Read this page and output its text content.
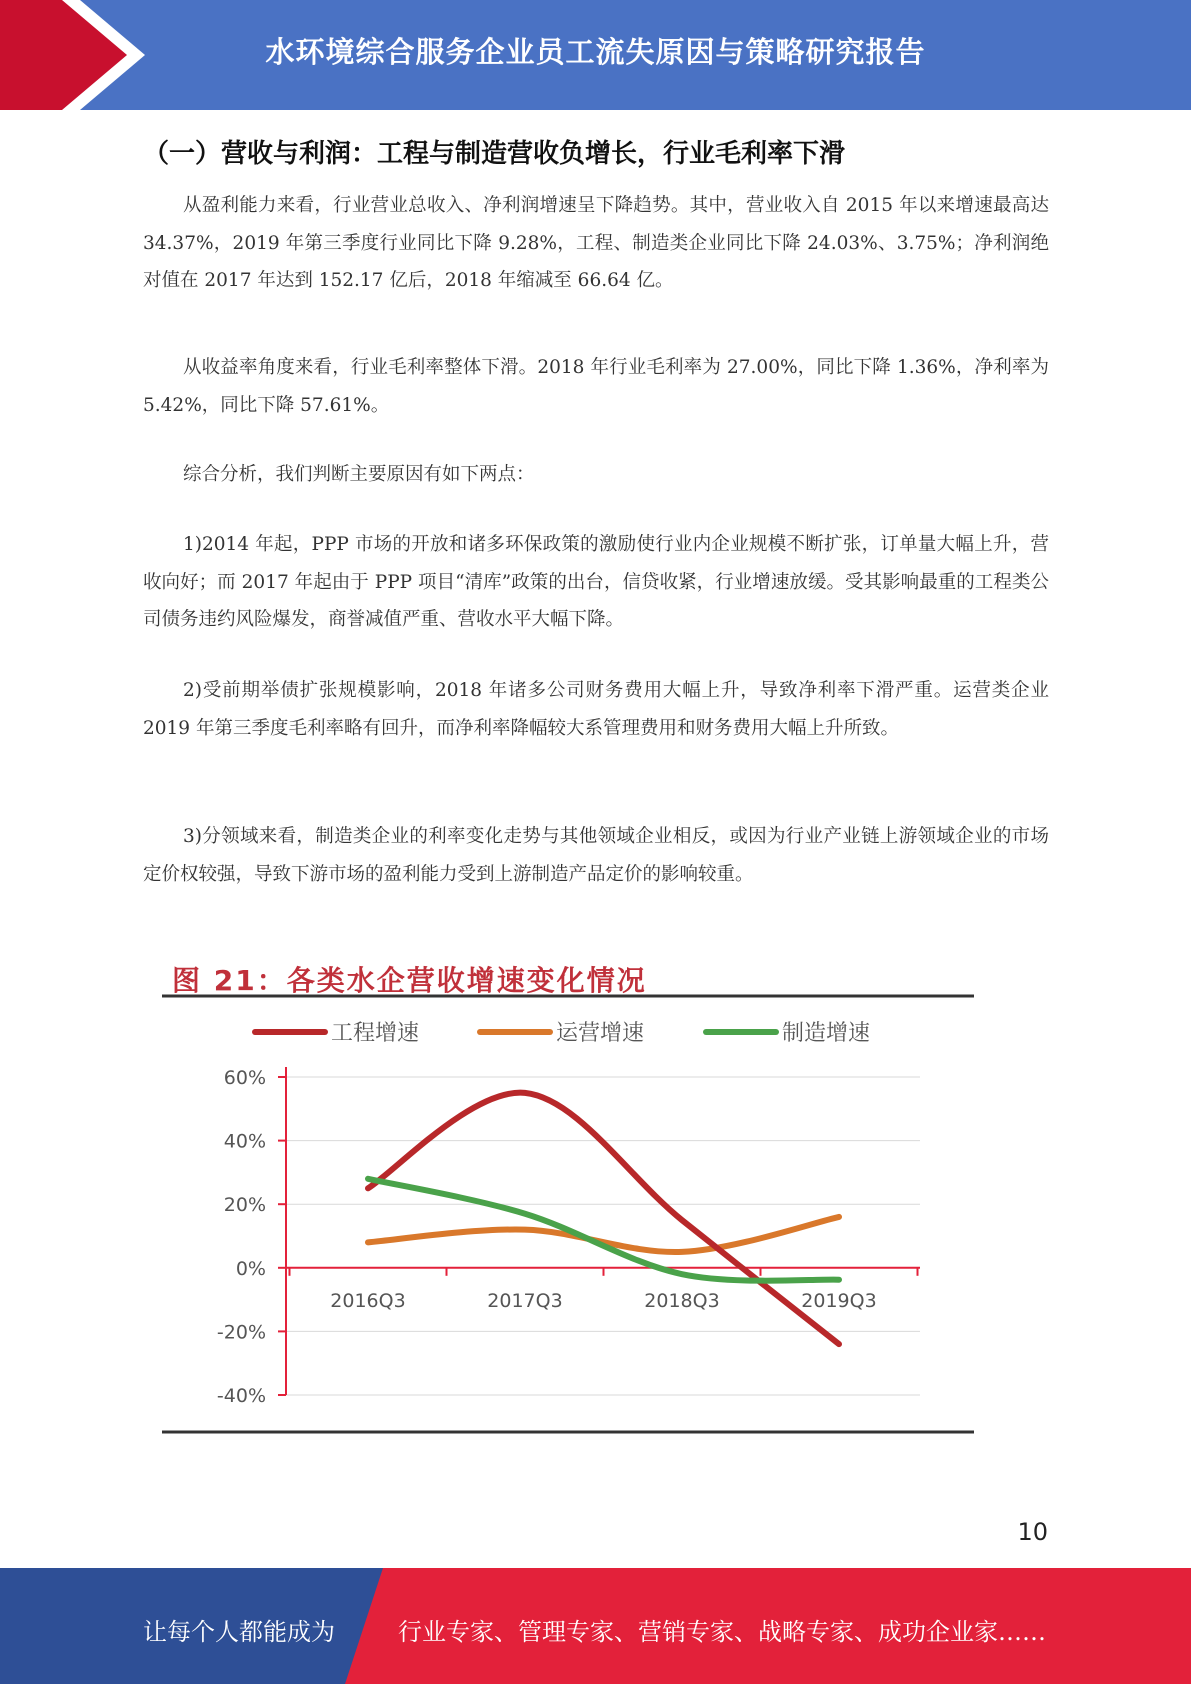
水环境综合服务企业员工流失原因与策略研究报告
（一）营收与利润：工程与制造营收负增长，行业毛利率下滑

从盈利能力来看，行业营业总收入、净利润增速呈下降趋势。其中，营业收入自 2015 年以来增速最高达 34.37%，2019 年第三季度行业同比下降 9.28%，工程、制造类企业同比下降 24.03%、3.75%；净利润绝对值在 2017 年达到 152.17 亿后，2018 年缩减至 66.64 亿。

从收益率角度来看，行业毛利率整体下滑。2018 年行业毛利率为 27.00%，同比下降 1.36%，净利率为 5.42%，同比下降 57.61%。

综合分析，我们判断主要原因有如下两点：

1)2014 年起，PPP 市场的开放和诸多环保政策的激励使行业内企业规模不断扩张，订单量大幅上升，营收向好；而 2017 年起由于 PPP 项目“清库”政策的出台，信贷收紧，行业增速放缓。受其影响最重的工程类公司债务违约风险爆发，商誉减值严重、营收水平大幅下降。

2)受前期举债扩张规模影响，2018 年诸多公司财务费用大幅上升，导致净利率下滑严重。运营类企业 2019 年第三季度毛利率略有回升，而净利率降幅较大系管理费用和财务费用大幅上升所致。

3)分领域来看，制造类企业的利率变化走势与其他领域企业相反，或因为行业产业链上游领域企业的市场定价权较强，导致下游市场的盈利能力受到上游制造产品定价的影响较重。

图 21：各类水企营收增速变化情况
工程增速	运营增速	制造增速
60%
40%
20%
0%
-20%
-40%
2016Q3	2017Q3	2018Q3	2019Q3
10
让每个人都能成为	行业专家、管理专家、营销专家、战略专家、成功企业家……
